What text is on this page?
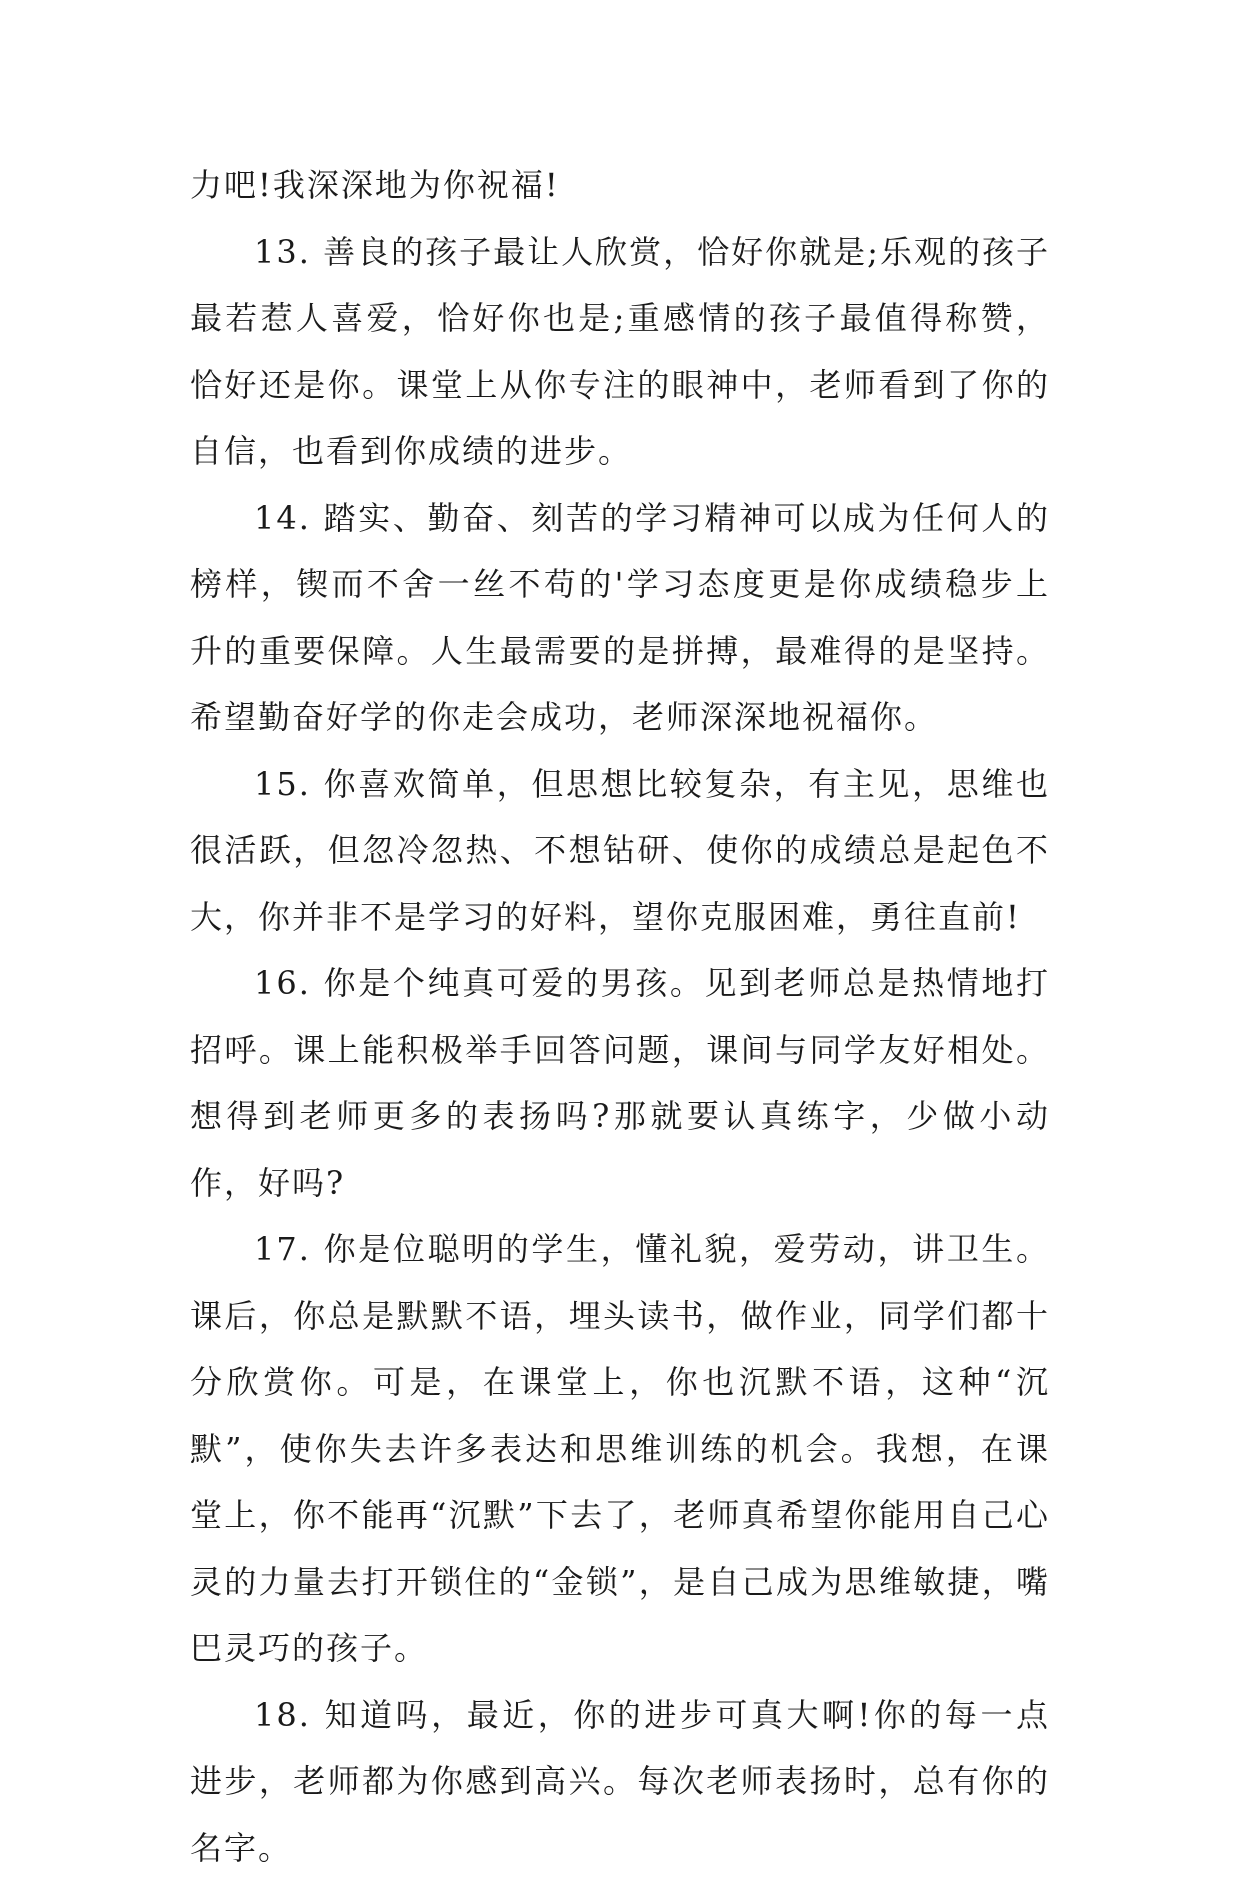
力吧!我深深地为你祝福!

13. 善良的孩子最让人欣赏，恰好你就是;乐观的孩子最若惹人喜爱，恰好你也是;重感情的孩子最值得称赞，恰好还是你。课堂上从你专注的眼神中，老师看到了你的自信，也看到你成绩的进步。

14. 踏实、勤奋、刻苦的学习精神可以成为任何人的榜样，锲而不舍一丝不苟的'学习态度更是你成绩稳步上升的重要保障。人生最需要的是拼搏，最难得的是坚持。希望勤奋好学的你走会成功，老师深深地祝福你。

15. 你喜欢简单，但思想比较复杂，有主见，思维也很活跃，但忽冷忽热、不想钻研、使你的成绩总是起色不大，你并非不是学习的好料，望你克服困难，勇往直前!

16. 你是个纯真可爱的男孩。见到老师总是热情地打招呼。课上能积极举手回答问题，课间与同学友好相处。想得到老师更多的表扬吗?那就要认真练字，少做小动作，好吗?

17. 你是位聪明的学生，懂礼貌，爱劳动，讲卫生。课后，你总是默默不语，埋头读书，做作业，同学们都十分欣赏你。可是，在课堂上，你也沉默不语，这种“沉默”，使你失去许多表达和思维训练的机会。我想，在课堂上，你不能再“沉默”下去了，老师真希望你能用自己心灵的力量去打开锁住的“金锁”，是自己成为思维敏捷，嘴巴灵巧的孩子。

18. 知道吗，最近，你的进步可真大啊!你的每一点进步，老师都为你感到高兴。每次老师表扬时，总有你的名字。
